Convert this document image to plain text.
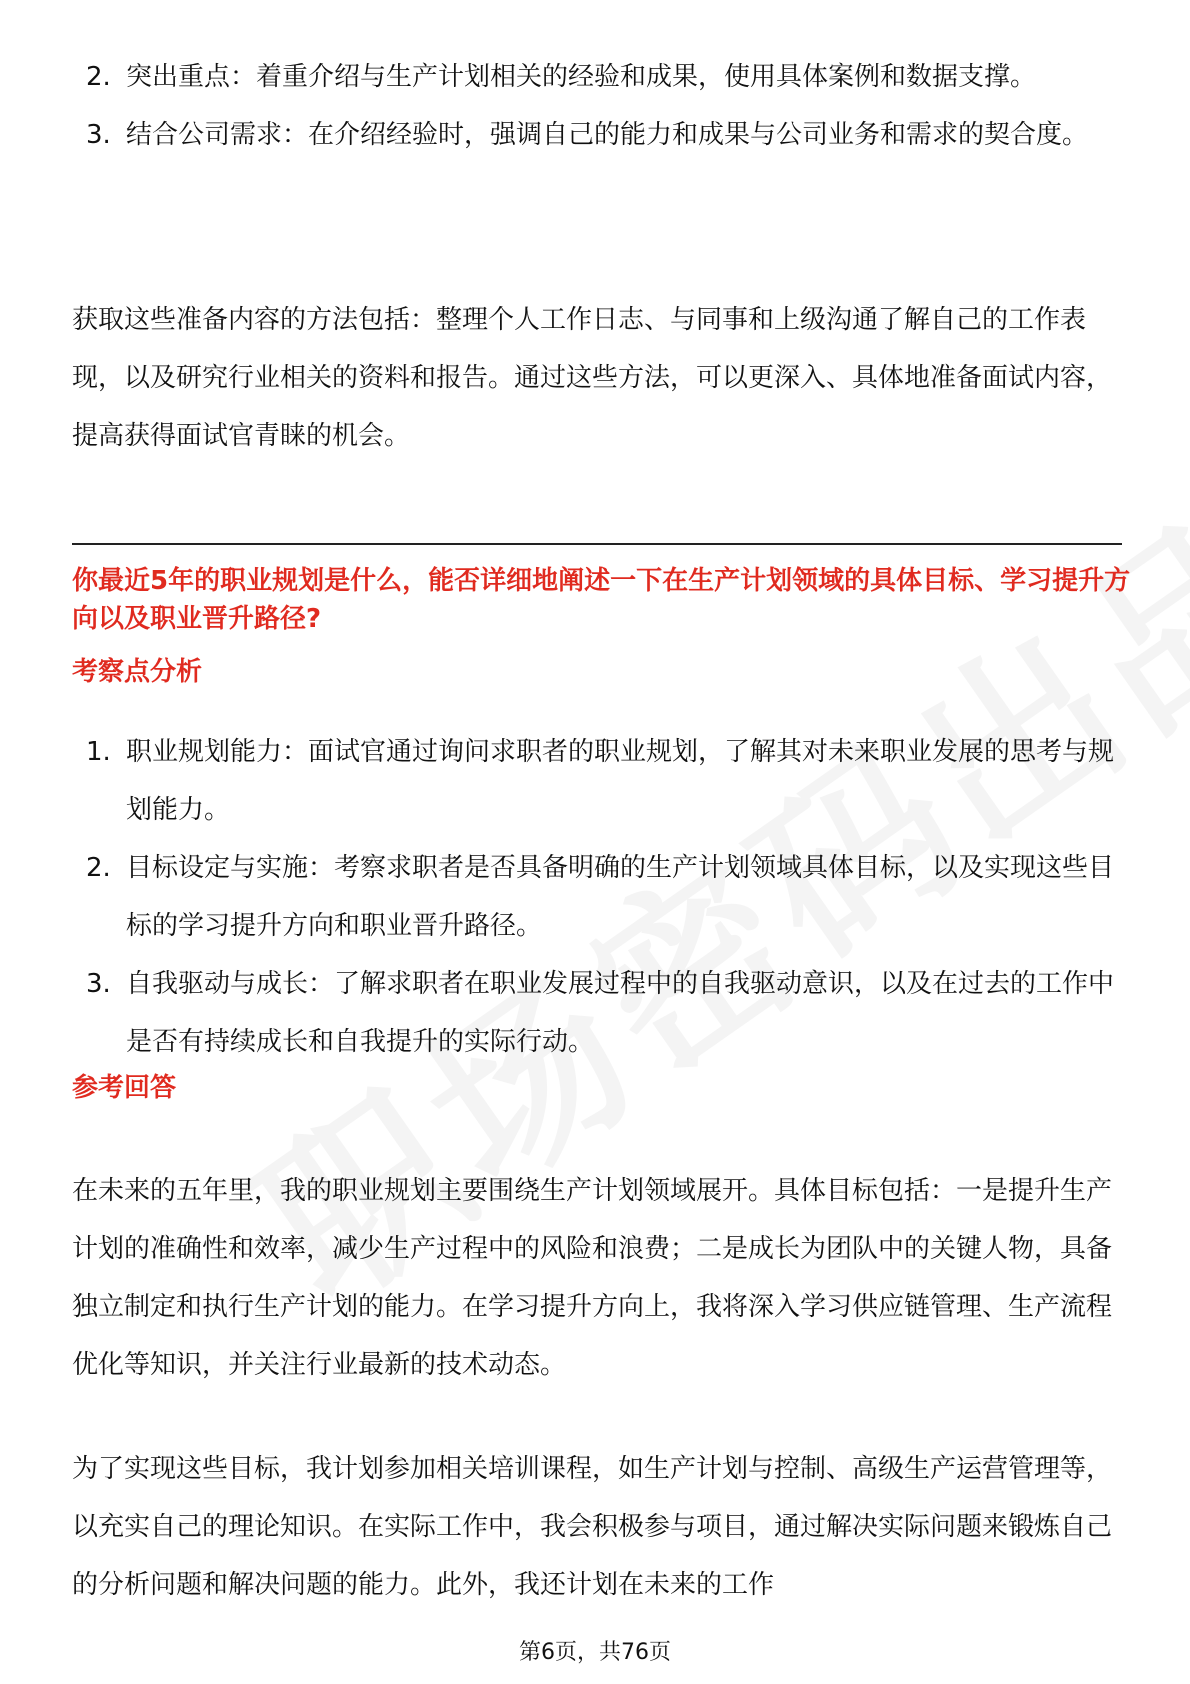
2. 突出重点：着重介绍与生产计划相关的经验和成果，使用具体案例和数据支撑。
3. 结合公司需求：在介绍经验时，强调自己的能力和成果与公司业务和需求的契合度。

获取这些准备内容的方法包括：整理个人工作日志、与同事和上级沟通了解自己的工作表现，以及研究行业相关的资料和报告。通过这些方法，可以更深入、具体地准备面试内容，提高获得面试官青睐的机会。

你最近5年的职业规划是什么，能否详细地阐述一下在生产计划领域的具体目标、学习提升方向以及职业晋升路径?

考察点分析

1. 职业规划能力：面试官通过询问求职者的职业规划，了解其对未来职业发展的思考与规划能力。
2. 目标设定与实施：考察求职者是否具备明确的生产计划领域具体目标，以及实现这些目标的学习提升方向和职业晋升路径。
3. 自我驱动与成长：了解求职者在职业发展过程中的自我驱动意识，以及在过去的工作中是否有持续成长和自我提升的实际行动。

参考回答

在未来的五年里，我的职业规划主要围绕生产计划领域展开。具体目标包括：一是提升生产计划的准确性和效率，减少生产过程中的风险和浪费；二是成长为团队中的关键人物，具备独立制定和执行生产计划的能力。在学习提升方向上，我将深入学习供应链管理、生产流程优化等知识，并关注行业最新的技术动态。

为了实现这些目标，我计划参加相关培训课程，如生产计划与控制、高级生产运营管理等，以充实自己的理论知识。在实际工作中，我会积极参与项目，通过解决实际问题来锻炼自己的分析问题和解决问题的能力。此外，我还计划在未来的工作

第6页，共76页
